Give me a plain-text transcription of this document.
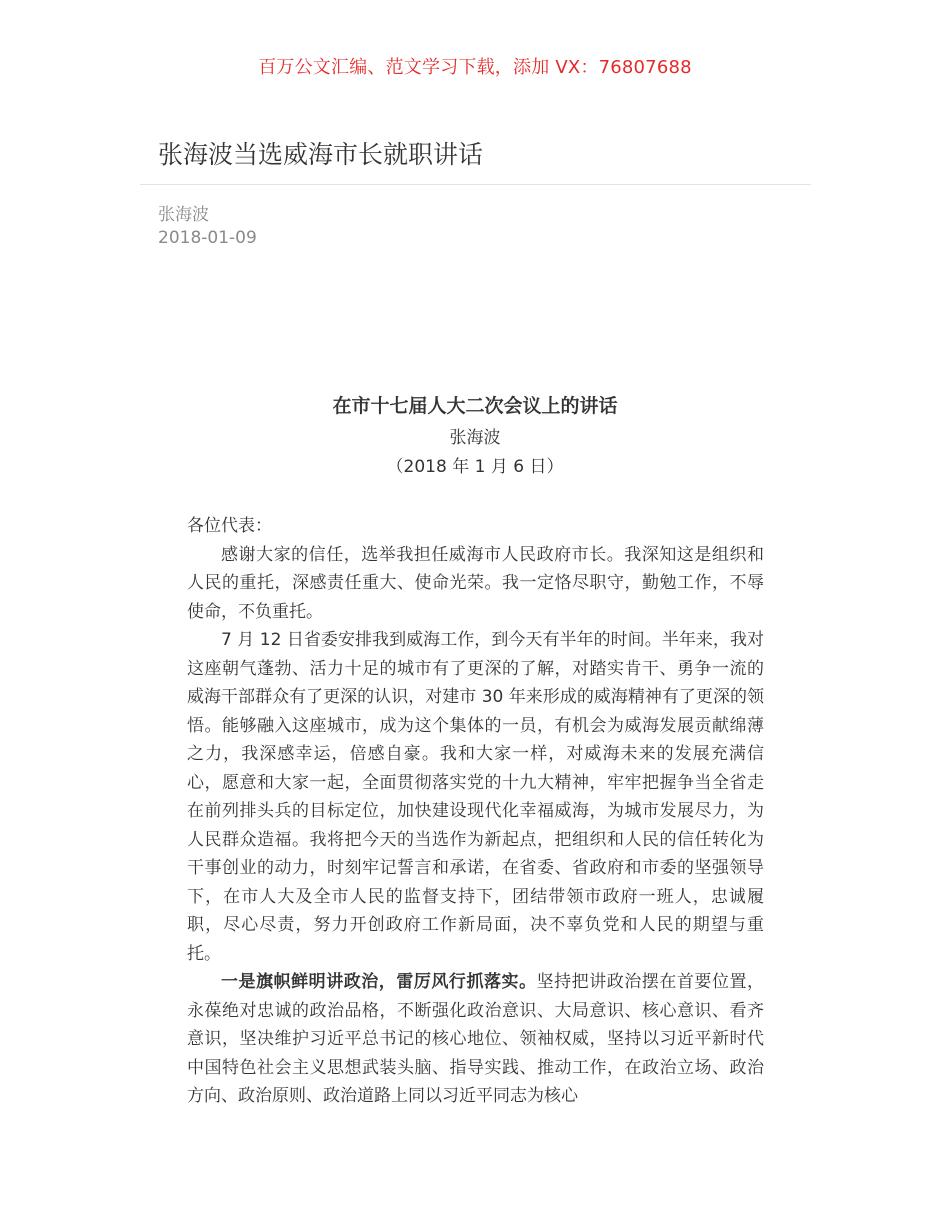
百万公文汇编、范文学习下载，添加 VX：76807688
张海波当选威海市长就职讲话
张海波
2018-01-09
在市十七届人大二次会议上的讲话
张海波
（2018 年 1 月 6 日）

各位代表：

感谢大家的信任，选举我担任威海市人民政府市长。我深知这是组织和人民的重托，深感责任重大、使命光荣。我一定恪尽职守，勤勉工作，不辱使命，不负重托。

7 月 12 日省委安排我到威海工作，到今天有半年的时间。半年来，我对这座朝气蓬勃、活力十足的城市有了更深的了解，对踏实肯干、勇争一流的威海干部群众有了更深的认识，对建市 30 年来形成的威海精神有了更深的领悟。能够融入这座城市，成为这个集体的一员，有机会为威海发展贡献绵薄之力，我深感幸运，倍感自豪。我和大家一样，对威海未来的发展充满信心，愿意和大家一起，全面贯彻落实党的十九大精神，牢牢把握争当全省走在前列排头兵的目标定位，加快建设现代化幸福威海，为城市发展尽力，为人民群众造福。我将把今天的当选作为新起点，把组织和人民的信任转化为干事创业的动力，时刻牢记誓言和承诺，在省委、省政府和市委的坚强领导下，在市人大及全市人民的监督支持下，团结带领市政府一班人，忠诚履职，尽心尽责，努力开创政府工作新局面，决不辜负党和人民的期望与重托。

一是旗帜鲜明讲政治，雷厉风行抓落实。坚持把讲政治摆在首要位置，永葆绝对忠诚的政治品格，不断强化政治意识、大局意识、核心意识、看齐意识，坚决维护习近平总书记的核心地位、领袖权威，坚持以习近平新时代中国特色社会主义思想武装头脑、指导实践、推动工作，在政治立场、政治方向、政治原则、政治道路上同以习近平同志为核心
